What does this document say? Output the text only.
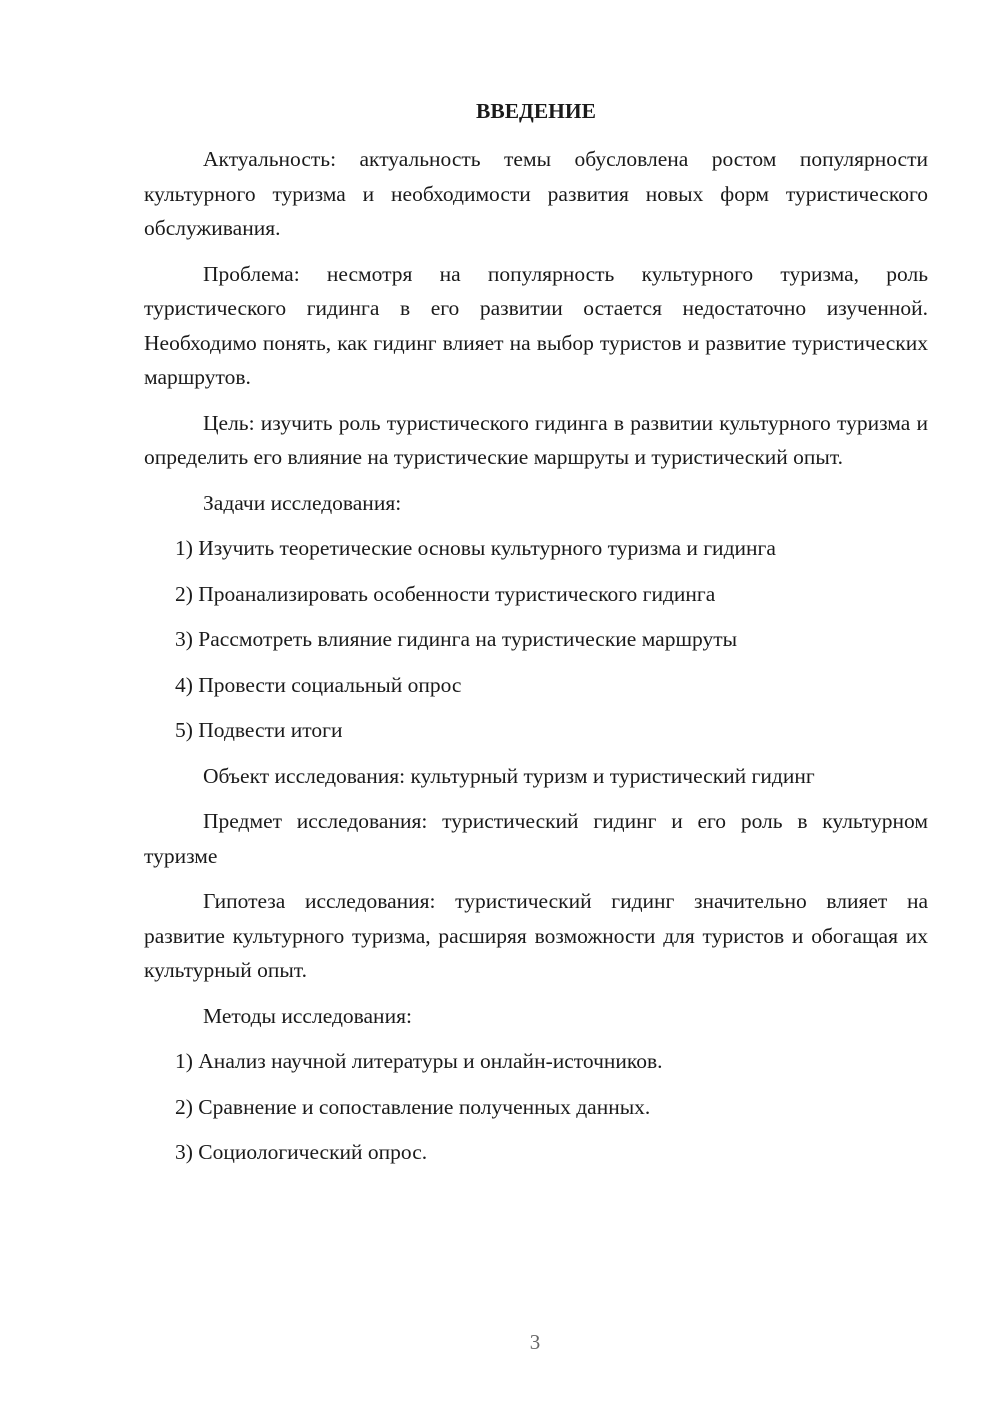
ВВЕДЕНИЕ

Актуальность: актуальность темы обусловлена ростом популярности культурного туризма и необходимости развития новых форм туристического обслуживания.

Проблема: несмотря на популярность культурного туризма, роль туристического гидинга в его развитии остается недостаточно изученной. Необходимо понять, как гидинг влияет на выбор туристов и развитие туристических маршрутов.

Цель: изучить роль туристического гидинга в развитии культурного туризма и определить его влияние на туристические маршруты и туристический опыт.

Задачи исследования:

1) Изучить теоретические основы культурного туризма и гидинга

2) Проанализировать особенности туристического гидинга

3) Рассмотреть влияние гидинга на туристические маршруты

4) Провести социальный опрос

5) Подвести итоги

Объект исследования: культурный туризм и туристический гидинг

Предмет исследования: туристический гидинг и его роль в культурном туризме

Гипотеза исследования: туристический гидинг значительно влияет на развитие культурного туризма, расширяя возможности для туристов и обогащая их культурный опыт.

Методы исследования:

1) Анализ научной литературы и онлайн-источников.

2) Сравнение и сопоставление полученных данных.

3) Социологический опрос.

3
